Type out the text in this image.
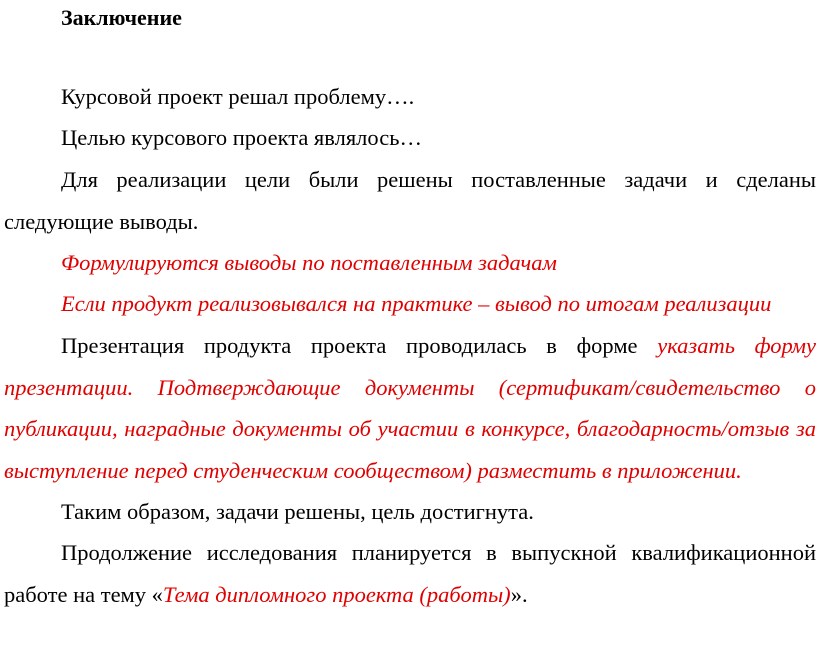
Заключение

Курсовой проект решал проблему….

Целью курсового проекта являлось…

Для реализации цели были решены поставленные задачи и сделаны следующие выводы.

Формулируются выводы по поставленным задачам

Если продукт реализовывался на практике – вывод по итогам реализации

Презентация продукта проекта проводилась в форме указать форму презентации. Подтверждающие документы (сертификат/свидетельство о публикации, наградные документы об участии в конкурсе, благодарность/отзыв за выступление перед студенческим сообществом) разместить в приложении.

Таким образом, задачи решены, цель достигнута.

Продолжение исследования планируется в выпускной квалификационной работе на тему «Тема дипломного проекта (работы)».
